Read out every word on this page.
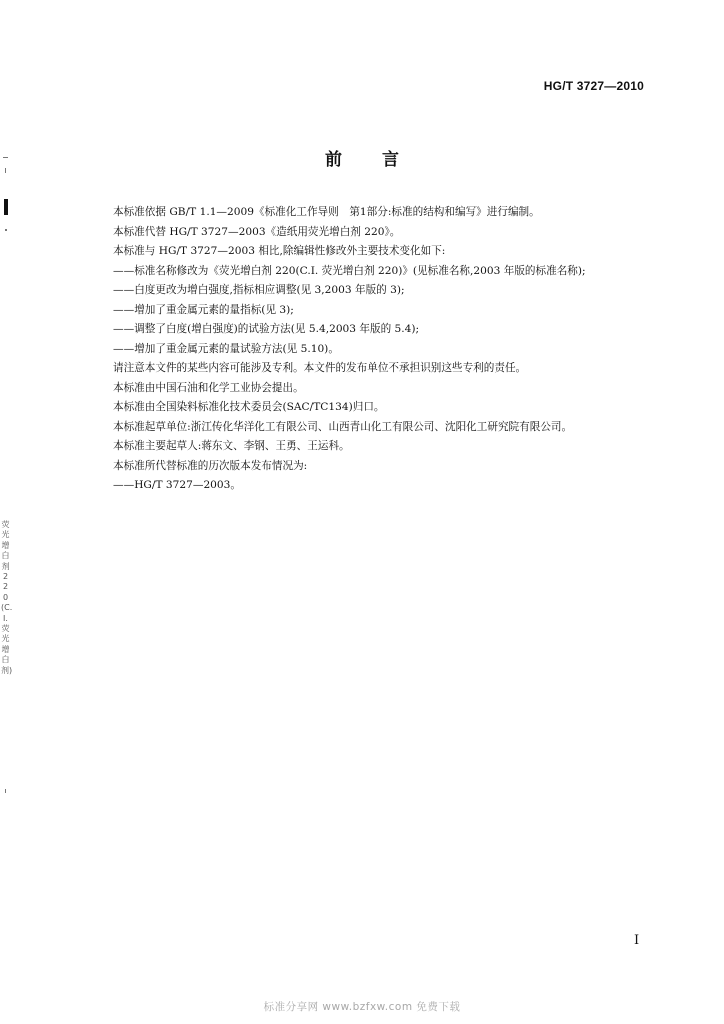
荧光增白剂220(C.I.荧光增白剂)
HG/T 3727—2010
前言

本标准依据 GB/T 1.1—2009《标准化工作导则　第1部分:标准的结构和编写》进行编制。

本标准代替 HG/T 3727—2003《造纸用荧光增白剂 220》。

本标准与 HG/T 3727—2003 相比,除编辑性修改外主要技术变化如下:

——标准名称修改为《荧光增白剂 220(C.I. 荧光增白剂 220)》(见标准名称,2003 年版的标准名称);

——白度更改为增白强度,指标相应调整(见 3,2003 年版的 3);

——增加了重金属元素的量指标(见 3);

——调整了白度(增白强度)的试验方法(见 5.4,2003 年版的 5.4);

——增加了重金属元素的量试验方法(见 5.10)。

请注意本文件的某些内容可能涉及专利。本文件的发布单位不承担识别这些专利的责任。

本标准由中国石油和化学工业协会提出。

本标准由全国染料标准化技术委员会(SAC/TC134)归口。

本标准起草单位:浙江传化华洋化工有限公司、山西青山化工有限公司、沈阳化工研究院有限公司。

本标准主要起草人:蒋东文、李钢、王勇、王运科。

本标准所代替标准的历次版本发布情况为:

——HG/T 3727—2003。

I
标准分享网 www.bzfxw.com 免费下载
